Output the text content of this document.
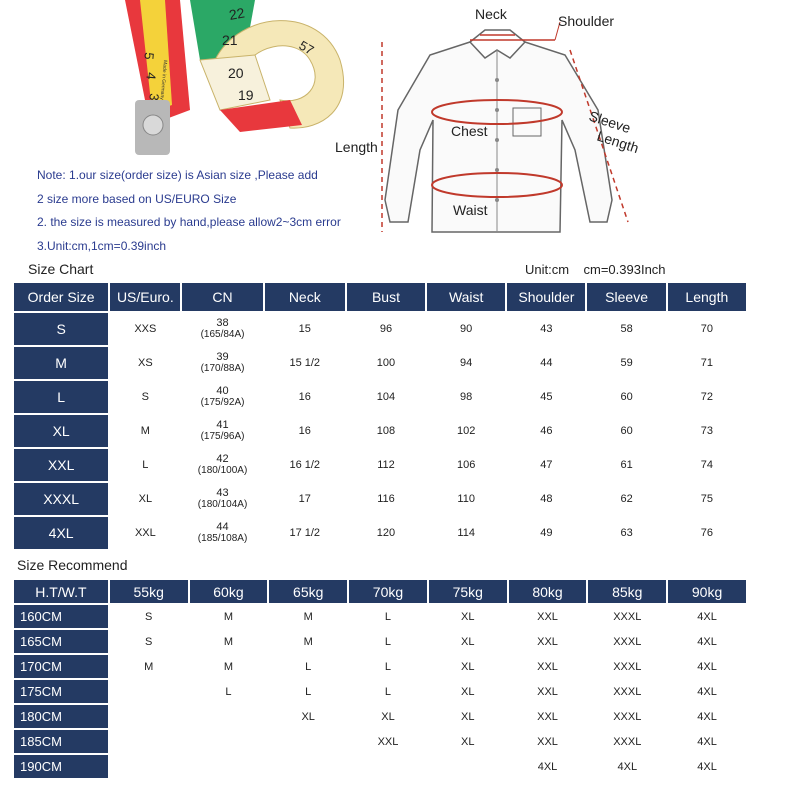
22
21
20
19
57
5
4
3
Made in Germany
Note: 1.our size(order size) is Asian size ,Please add
2 size more based on US/EURO Size
2. the size is measured by hand,please allow2~3cm error
3.Unit:cm,1cm=0.39inch
Neck	Shoulder
Sleeve
Length
Length
Chest
Waist
Size Chart	Unit:cm    cm=0.393Inch
Order Size	US/Euro.	CN	Neck	Bust	Waist	Shoulder	Sleeve	Length
S	XXS	38
(165/84A)	15	96	90	43	58	70
M	XS	39
(170/88A)	15 1/2	100	94	44	59	71
L	S	40
(175/92A)	16	104	98	45	60	72
XL	M	41
(175/96A)	16	108	102	46	60	73
XXL	L	42
(180/100A)	16 1/2	112	106	47	61	74
XXXL	XL	43
(180/104A)	17	116	110	48	62	75
4XL	XXL	44
(185/108A)	17 1/2	120	114	49	63	76
Size Recommend
H.T/W.T	55kg	60kg	65kg	70kg	75kg	80kg	85kg	90kg
160CM	S	M	M	L	XL	XXL	XXXL	4XL
165CM	S	M	M	L	XL	XXL	XXXL	4XL
170CM	M	M	L	L	XL	XXL	XXXL	4XL
175CM		L	L	L	XL	XXL	XXXL	4XL
180CM			XL	XL	XL	XXL	XXXL	4XL
185CM				XXL	XL	XXL	XXXL	4XL
190CM						4XL	4XL	4XL
